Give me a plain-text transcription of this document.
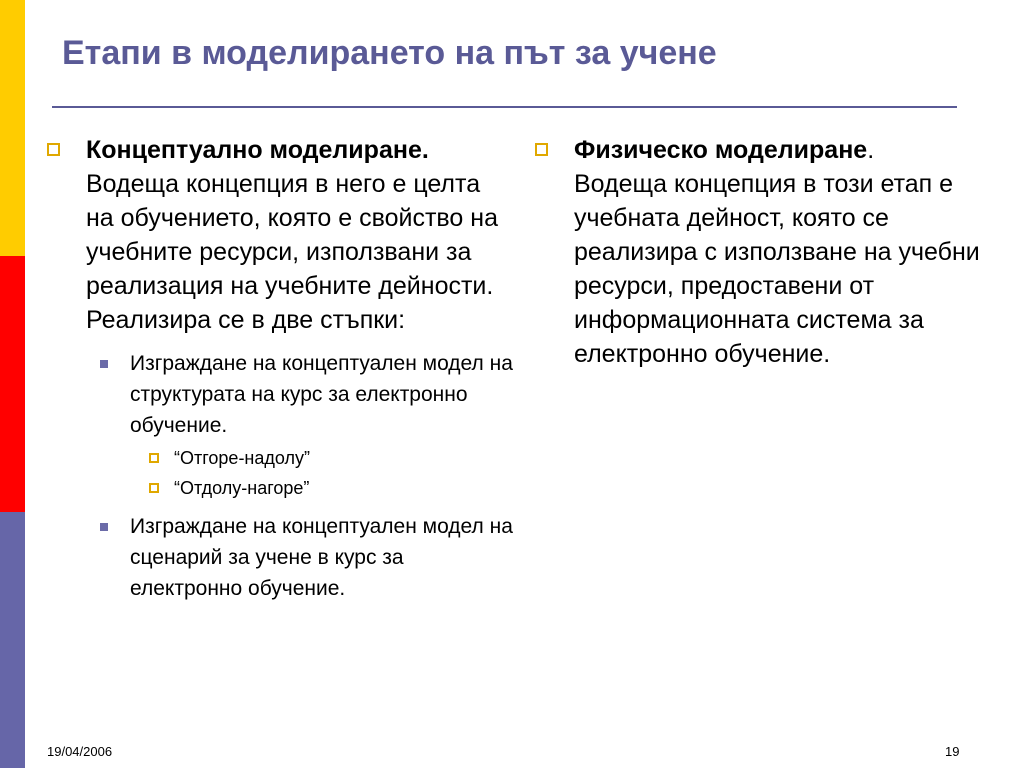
Етапи в моделирането на път за учене
Концептуално моделиране.
Водеща концепция в него е целта на обучението, която е свойство на учебните ресурси, използвани за реализация на учебните дейности. Реализира се в две стъпки:
Изграждане на концептуален модел на структурата на курс за електронно обучение.
“Отгоре-надолу”
“Отдолу-нагоре”
Изграждане на концептуален модел на сценарий за учене в курс за електронно обучение.
Физическо моделиране.
Водеща концепция в този етап е учебната дейност, която се реализира с използване на учебни ресурси, предоставени от информационната система за електронно обучение.
19/04/2006	19
